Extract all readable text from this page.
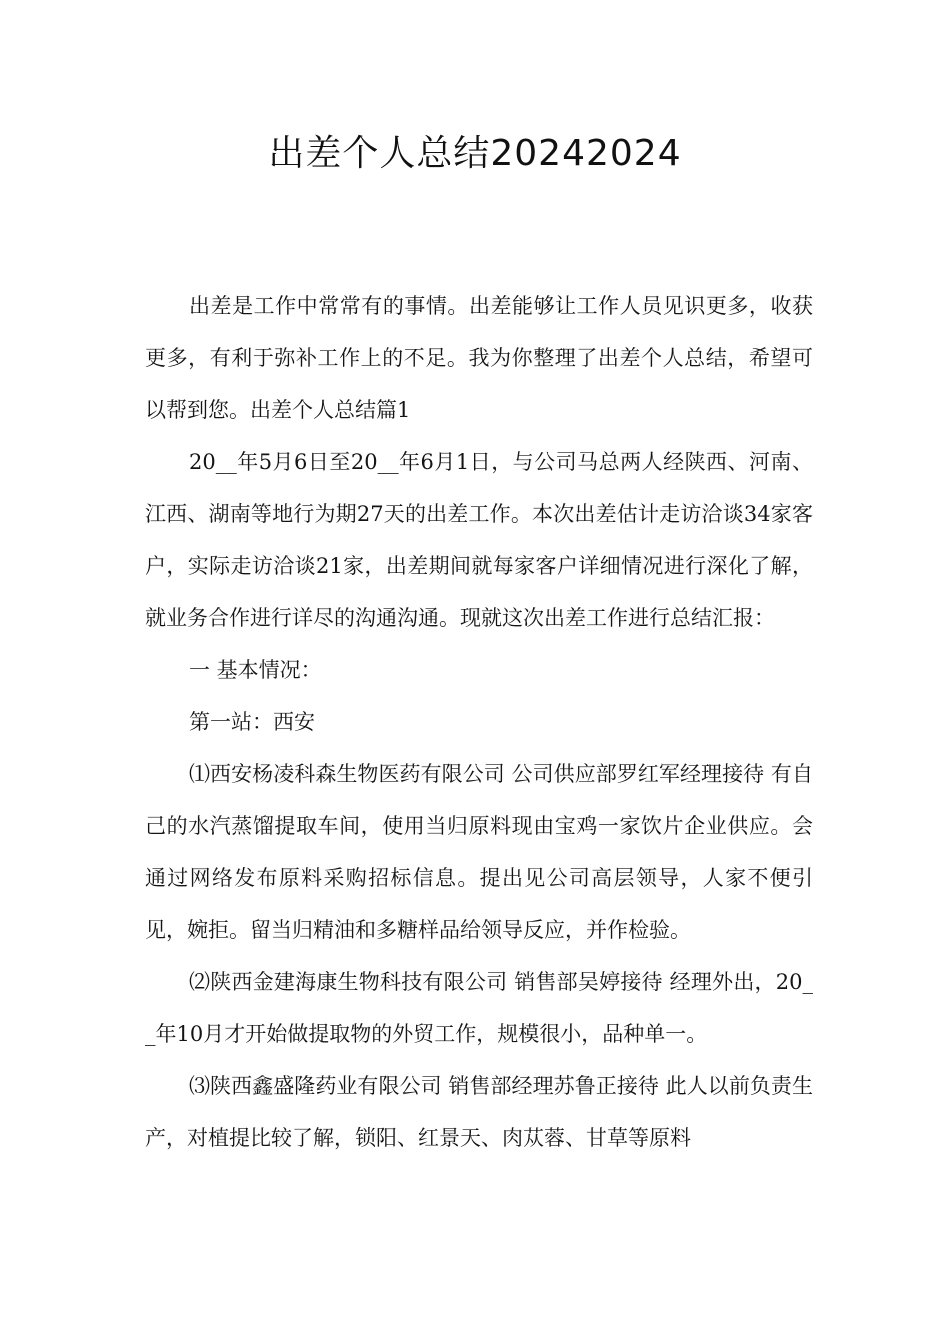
出差个人总结20242024

出差是工作中常常有的事情。出差能够让工作人员见识更多，收获更多，有利于弥补工作上的不足。我为你整理了出差个人总结，希望可以帮到您。出差个人总结篇1

20__年5月6日至20__年6月1日，与公司马总两人经陕西、河南、江西、湖南等地行为期27天的出差工作。本次出差估计走访洽谈34家客户，实际走访洽谈21家，出差期间就每家客户详细情况进行深化了解，就业务合作进行详尽的沟通沟通。现就这次出差工作进行总结汇报：

一 基本情况：

第一站：西安

⑴西安杨凌科森生物医药有限公司 公司供应部罗红军经理接待 有自己的水汽蒸馏提取车间，使用当归原料现由宝鸡一家饮片企业供应。会通过网络发布原料采购招标信息。提出见公司高层领导，人家不便引见，婉拒。留当归精油和多糖样品给领导反应，并作检验。

⑵陕西金建海康生物科技有限公司 销售部吴婷接待 经理外出，20__年10月才开始做提取物的外贸工作，规模很小，品种单一。

⑶陕西鑫盛隆药业有限公司 销售部经理苏鲁正接待 此人以前负责生产，对植提比较了解，锁阳、红景天、肉苁蓉、甘草等原料
